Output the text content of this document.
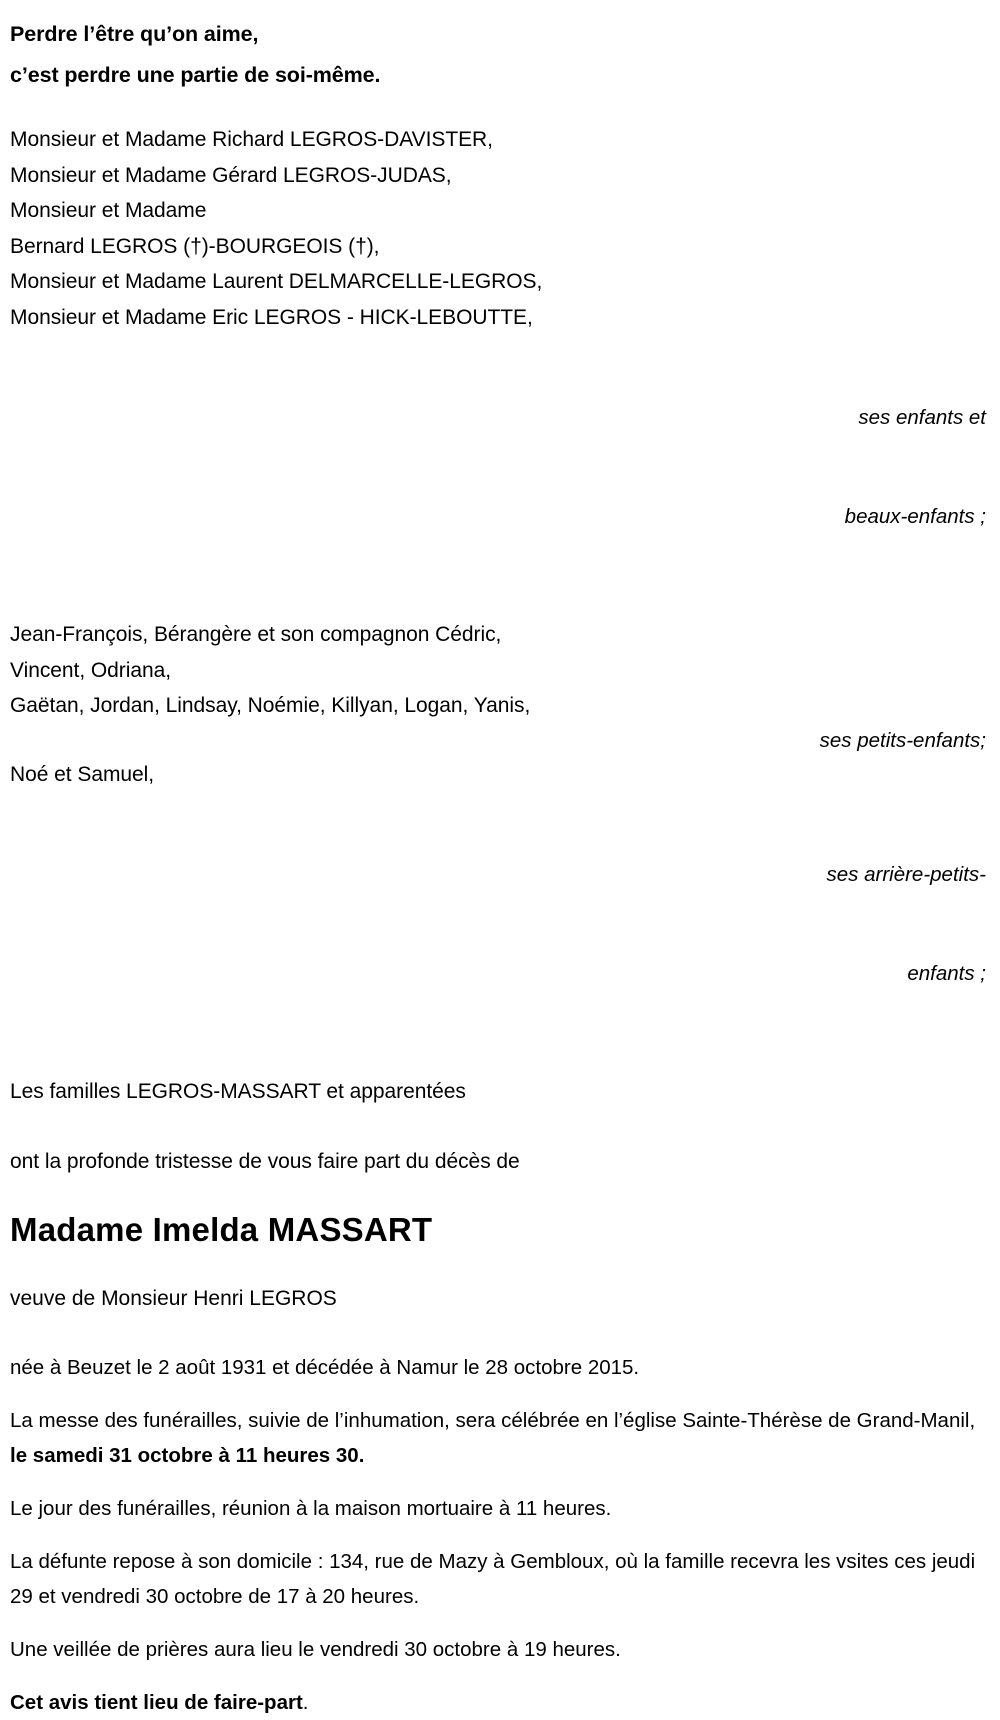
Perdre l’être qu’on aime,
c’est perdre une partie de soi-même.
Monsieur et Madame Richard LEGROS-DAVISTER,
Monsieur et Madame Gérard LEGROS-JUDAS,
Monsieur et Madame
Bernard LEGROS (†)-BOURGEOIS (†),
Monsieur et Madame Laurent DELMARCELLE-LEGROS,
Monsieur et Madame Eric LEGROS - HICK-LEBOUTTE,

ses enfants et

beaux-enfants ;

Jean-François, Bérangère et son compagnon Cédric,
Vincent, Odriana,
Gaëtan, Jordan, Lindsay, Noémie, Killyan, Logan, Yanis,
ses petits-enfants;
Noé et Samuel,

ses arrière-petits-

enfants ;

Les familles LEGROS-MASSART et apparentées
ont la profonde tristesse de vous faire part du décès de
Madame Imelda MASSART
veuve de Monsieur Henri LEGROS
née à Beuzet le 2 août 1931 et décédée à Namur le 28 octobre 2015.
La messe des funérailles, suivie de l’inhumation, sera célébrée en l’église Sainte-Thérèse de Grand-Manil, le samedi 31 octobre à 11 heures 30.
Le jour des funérailles, réunion à la maison mortuaire à 11 heures.
La défunte repose à son domicile : 134, rue de Mazy à Gembloux, où la famille recevra les vsites ces jeudi 29 et vendredi 30 octobre de 17 à 20 heures.
Une veillée de prières aura lieu le vendredi 30 octobre à 19 heures.
Cet avis tient lieu de faire-part.
